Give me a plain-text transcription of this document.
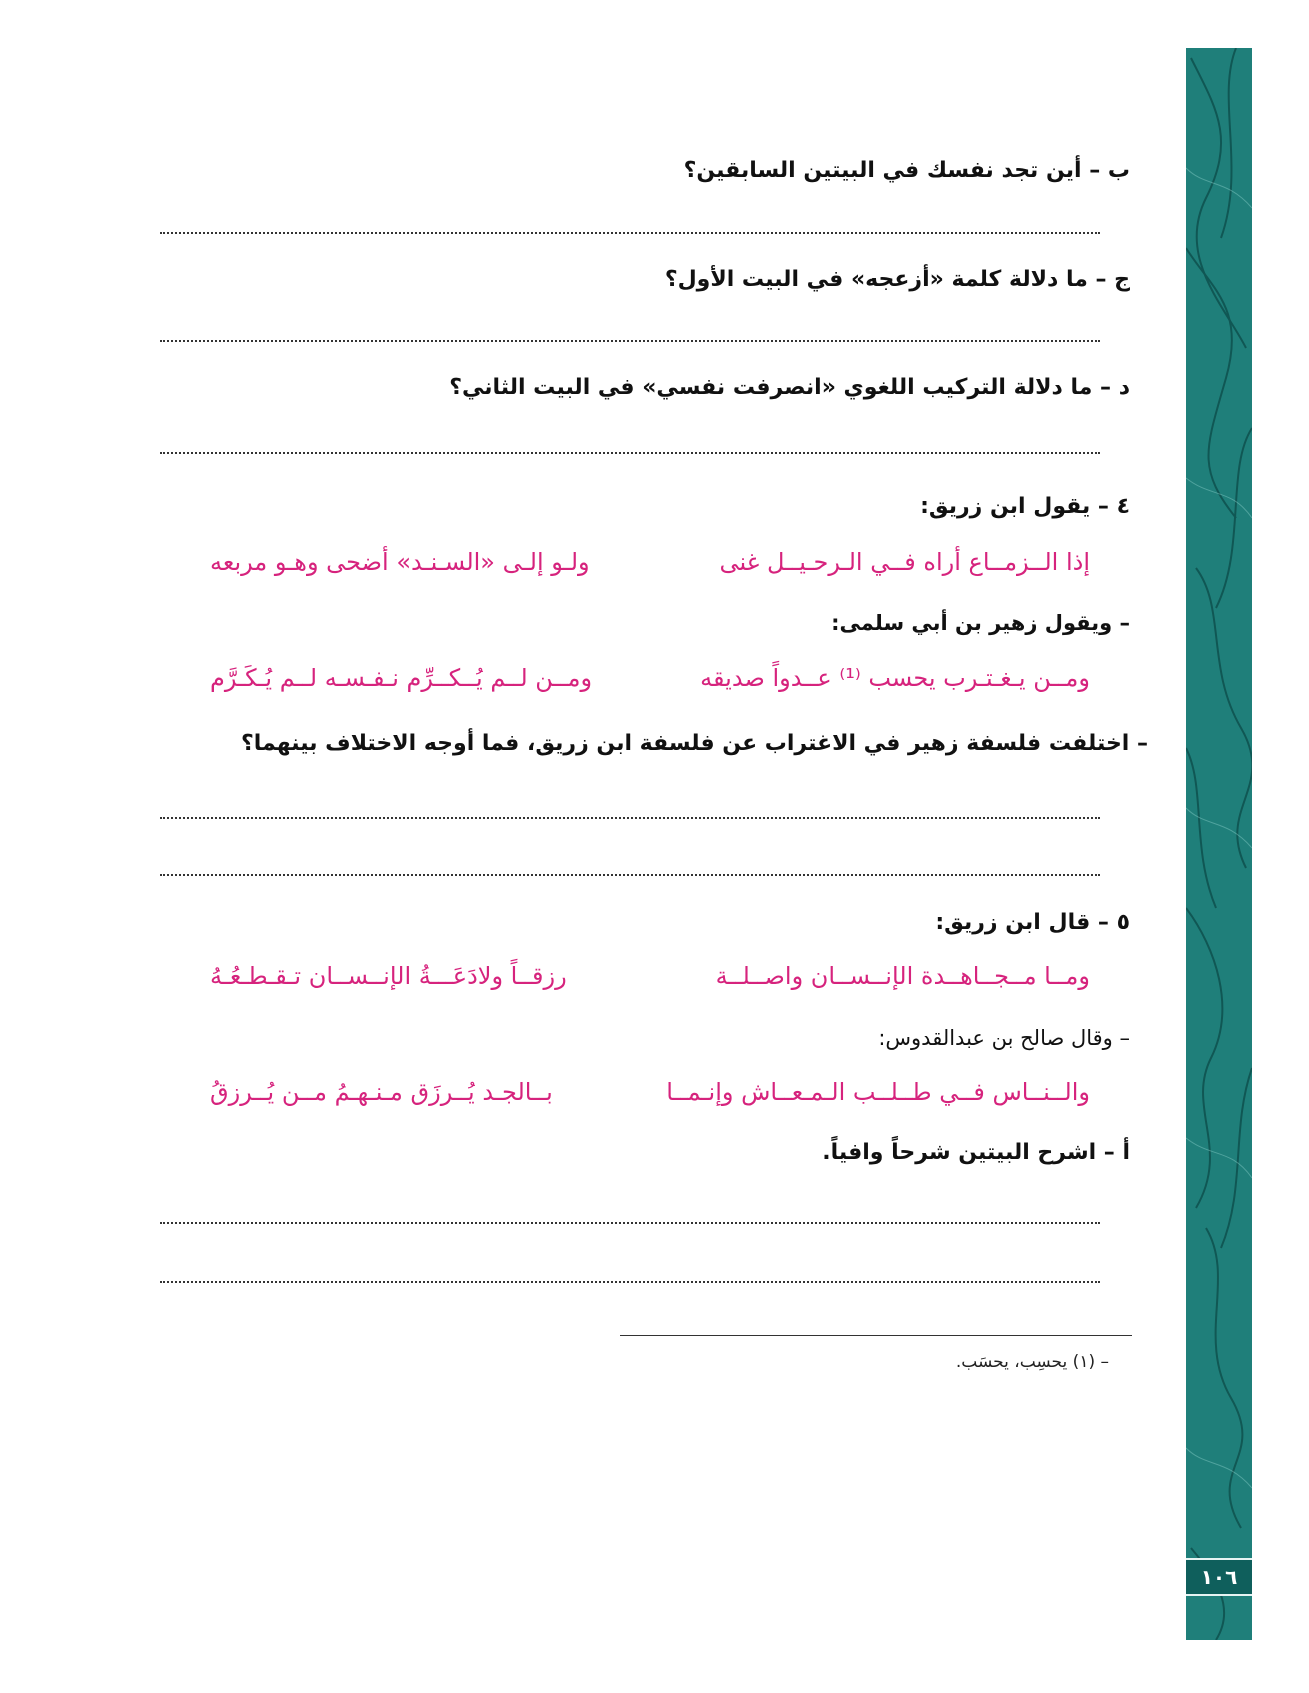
١٠٦
ب – أين تجد نفسك في البيتين السابقين؟
ج – ما دلالة كلمة «أزعجه» في البيت الأول؟
د – ما دلالة التركيب اللغوي «انصرفت نفسي» في البيت الثاني؟
٤ – يقول ابن زريق:
إذا الــزمــاع أراه فــي الـرحـيــل غنى
ولـو إلـى «السـنـد» أضحى وهـو مربعه
– ويقول زهير بن أبي سلمى:
ومــن يـغـتـرب يحسب ⁽¹⁾ عــدواً صديقه
ومــن لــم يُــكــرِّم نـفـسـه لــم يُـكَـرَّم
– اختلفت فلسفة زهير في الاغتراب عن فلسفة ابن زريق، فما أوجه الاختلاف بينهما؟
٥ – قال ابن زريق:
ومــا مــجــاهــدة الإنــســان واصــلــة
رزقــاً ولادَعَـــةُ الإنــســان تـقـطـعُـهُ
– وقال صالح بن عبدالقدوس:
والــنــاس فــي طــلــب الـمـعــاش وإنـمــا
بــالجـد يُــرزَق مـنـهـمُ مــن يُــرزقُ
أ – اشرح البيتين شرحاً وافياً.
– (١) يحسِب، يحسَب.
